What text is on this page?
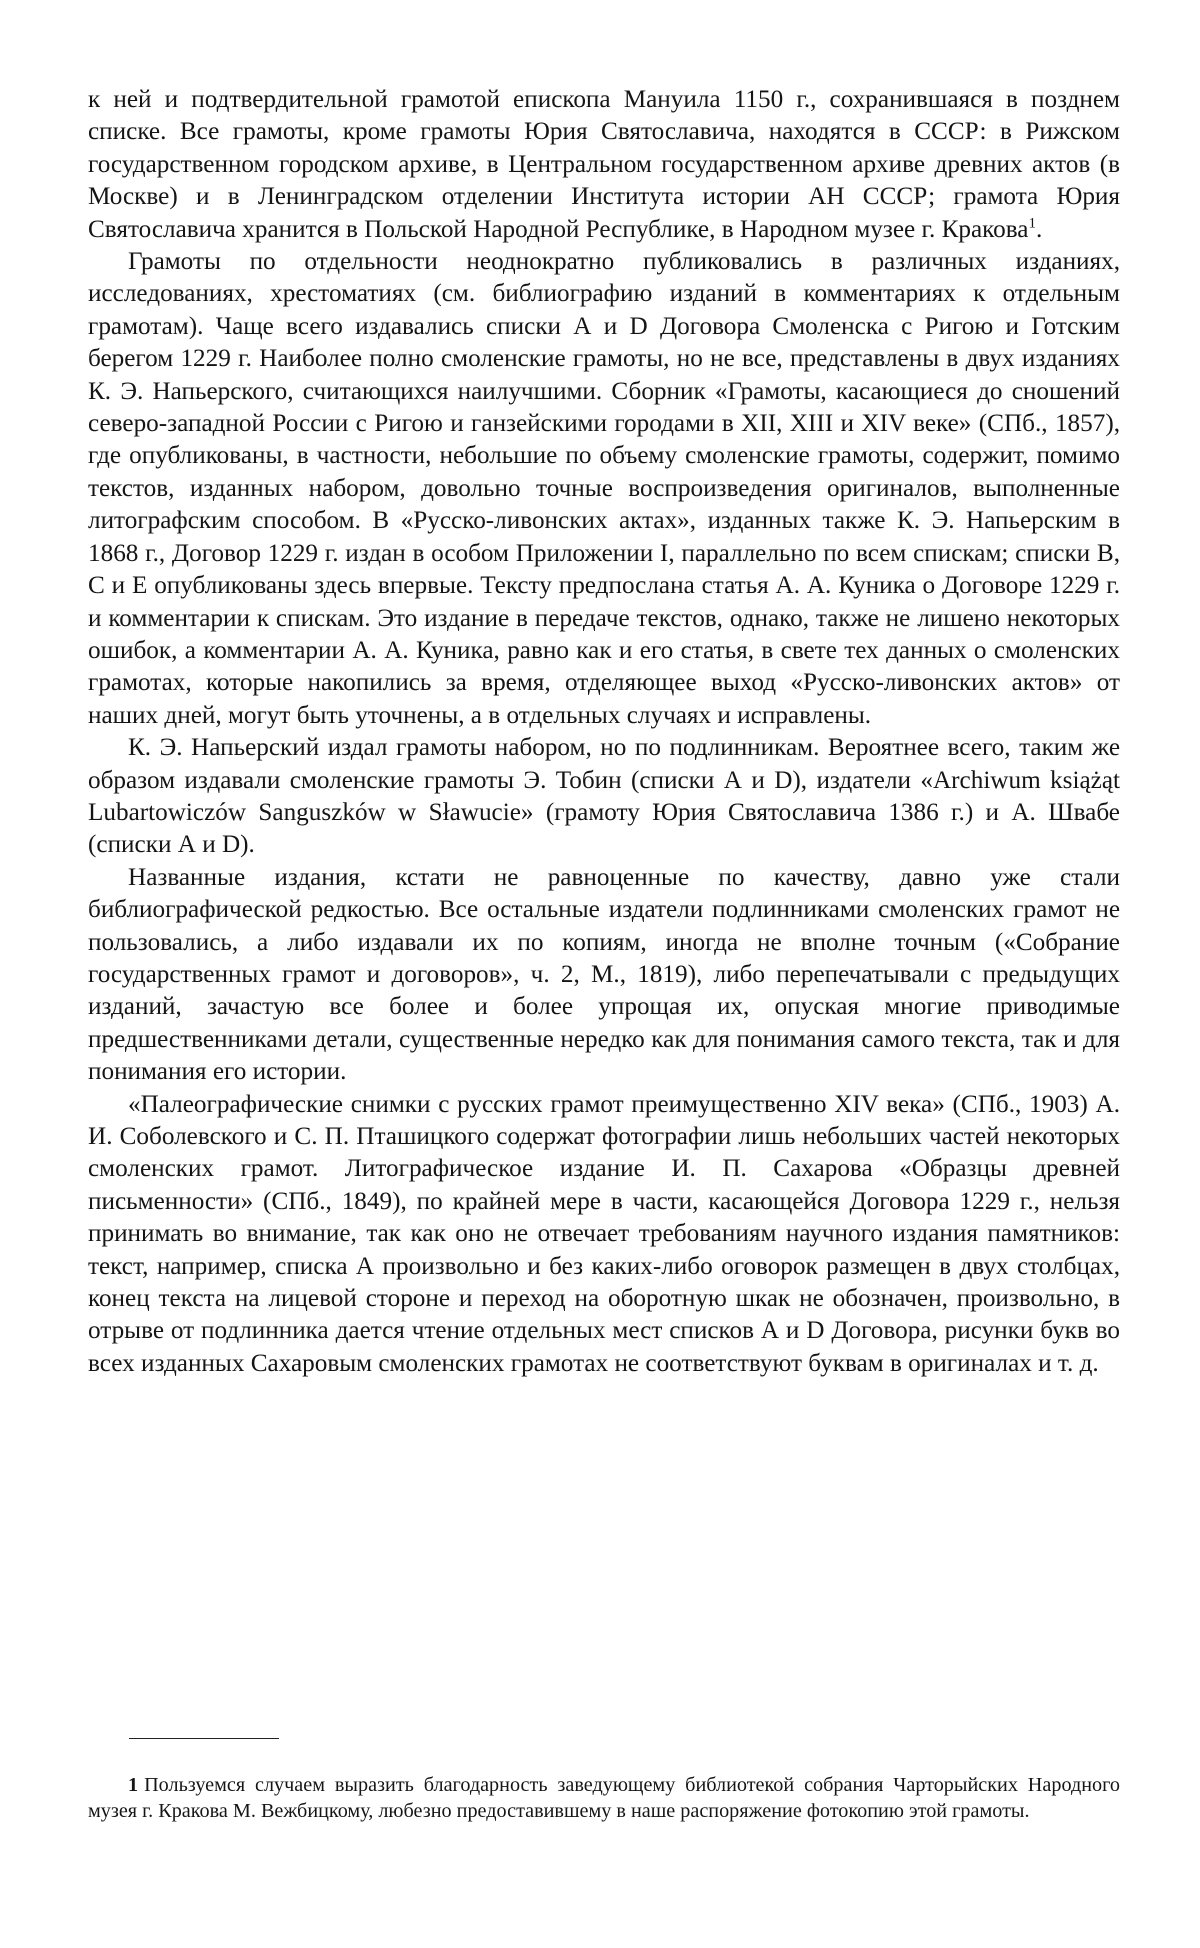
к ней и подтвердительной грамотой епископа Мануила 1150 г., сохранившаяся в позднем списке. Все грамоты, кроме грамоты Юрия Святославича, находятся в СССР: в Рижском государственном городском архиве, в Центральном государственном архиве древних актов (в Москве) и в Ленинградском отделении Института истории АН СССР; грамота Юрия Святославича хранится в Польской Народной Республике, в Народном музее г. Кракова$^1$.

Грамоты по отдельности неоднократно публиковались в различных изданиях, исследованиях, хрестоматиях (см. библиографию изданий в комментариях к отдельным грамотам). Чаще всего издавались списки А и D Договора Смоленска с Ригою и Готским берегом 1229 г. Наиболее полно смоленские грамоты, но не все, представлены в двух изданиях К. Э. Напьерского, считающихся наилучшими. Сборник «Грамоты, касающиеся до сношений северо-западной России с Ригою и ганзейскими городами в XII, XIII и XIV веке» (СПб., 1857), где опубликованы, в частности, небольшие по объему смоленские грамоты, содержит, помимо текстов, изданных набором, довольно точные воспроизведения оригиналов, выполненные литографским способом. В «Русско-ливонских актах», изданных также К. Э. Напьерским в 1868 г., Договор 1229 г. издан в особом Приложении I, параллельно по всем спискам; списки В, С и Е опубликованы здесь впервые. Тексту предпослана статья А. А. Куника о Договоре 1229 г. и комментарии к спискам. Это издание в передаче текстов, однако, также не лишено некоторых ошибок, а комментарии А. А. Куника, равно как и его статья, в свете тех данных о смоленских грамотах, которые накопились за время, отделяющее выход «Русско-ливонских актов» от наших дней, могут быть уточнены, а в отдельных случаях и исправлены.

К. Э. Напьерский издал грамоты набором, но по подлинникам. Вероятнее всего, таким же образом издавали смоленские грамоты Э. Тобин (списки А и D), издатели «Archiwum książąt Lubartowiczów Sanguszków w Sławucie» (грамоту Юрия Святославича 1386 г.) и А. Швабе (списки А и D).

Названные издания, кстати не равноценные по качеству, давно уже стали библиографической редкостью. Все остальные издатели подлинниками смоленских грамот не пользовались, а либо издавали их по копиям, иногда не вполне точным («Собрание государственных грамот и договоров», ч. 2, М., 1819), либо перепечатывали с предыдущих изданий, зачастую все более и более упрощая их, опуская многие приводимые предшественниками детали, существенные нередко как для понимания самого текста, так и для понимания его истории.

«Палеографические снимки с русских грамот преимущественно XIV века» (СПб., 1903) А. И. Соболевского и С. П. Пташицкого содержат фотографии лишь небольших частей некоторых смоленских грамот. Литографическое издание И. П. Сахарова «Образцы древней письменности» (СПб., 1849), по крайней мере в части, касающейся Договора 1229 г., нельзя принимать во внимание, так как оно не отвечает требованиям научного издания памятников: текст, например, списка А произвольно и без каких-либо оговорок размещен в двух столбцах, конец текста на лицевой стороне и переход на оборотную шкак не обозначен, произвольно, в отрыве от подлинника дается чтение отдельных мест списков А и D Договора, рисунки букв во всех изданных Сахаровым смоленских грамотах не соответствуют буквам в оригиналах и т. д.

1 Пользуемся случаем выразить благодарность заведующему библиотекой собрания Чарторыйских Народного музея г. Кракова М. Вежбицкому, любезно предоставившему в наше распоряжение фотокопию этой грамоты.
